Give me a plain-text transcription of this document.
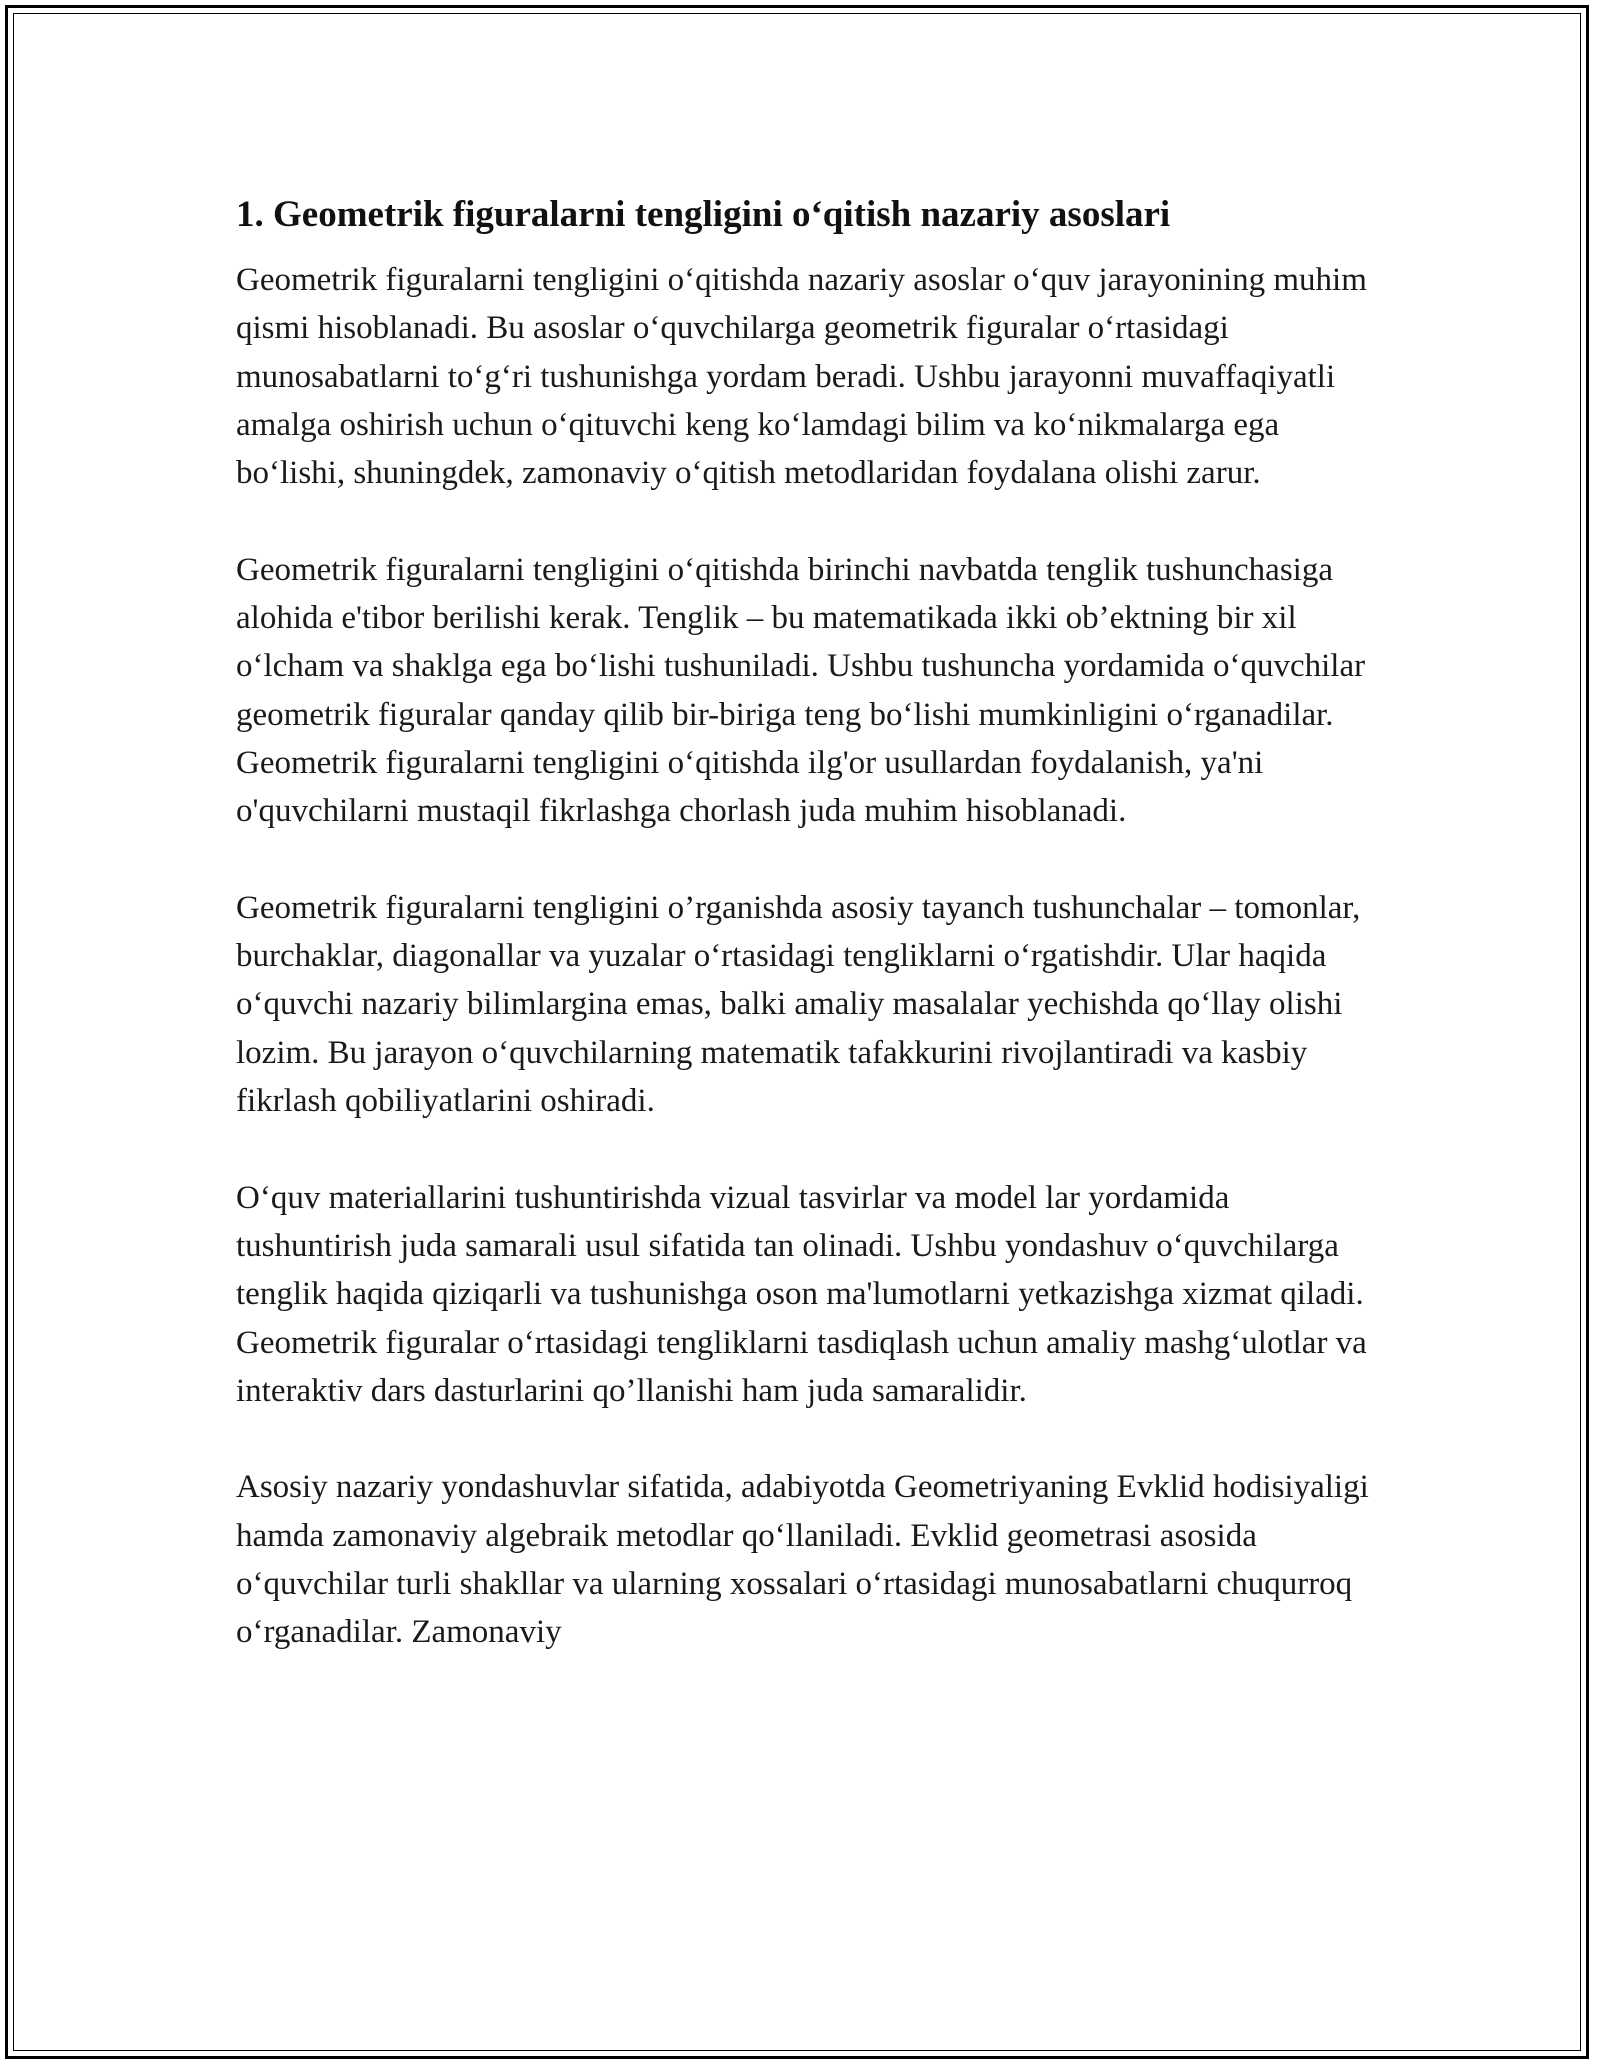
1. Geometrik figuralarni tengligini o‘qitish nazariy asoslari

Geometrik figuralarni tengligini o‘qitishda nazariy asoslar o‘quv jarayonining muhim qismi hisoblanadi. Bu asoslar o‘quvchilarga geometrik figuralar o‘rtasidagi munosabatlarni to‘g‘ri tushunishga yordam beradi. Ushbu jarayonni muvaffaqiyatli amalga oshirish uchun o‘qituvchi keng ko‘lamdagi bilim va ko‘nikmalarga ega bo‘lishi, shuningdek, zamonaviy o‘qitish metodlaridan foydalana olishi zarur.

Geometrik figuralarni tengligini o‘qitishda birinchi navbatda tenglik tushunchasiga alohida e'tibor berilishi kerak. Tenglik – bu matematikada ikki ob’ektning bir xil o‘lcham va shaklga ega bo‘lishi tushuniladi. Ushbu tushuncha yordamida o‘quvchilar geometrik figuralar qanday qilib bir-biriga teng bo‘lishi mumkinligini o‘rganadilar. Geometrik figuralarni tengligini o‘qitishda ilg'or usullardan foydalanish, ya'ni o'quvchilarni mustaqil fikrlashga chorlash juda muhim hisoblanadi.

Geometrik figuralarni tengligini o’rganishda asosiy tayanch tushunchalar – tomonlar, burchaklar, diagonallar va yuzalar o‘rtasidagi tengliklarni o‘rgatishdir. Ular haqida o‘quvchi nazariy bilimlargina emas, balki amaliy masalalar yechishda qo‘llay olishi lozim. Bu jarayon o‘quvchilarning matematik tafakkurini rivojlantiradi va kasbiy fikrlash qobiliyatlarini oshiradi.

O‘quv materiallarini tushuntirishda vizual tasvirlar va model lar yordamida tushuntirish juda samarali usul sifatida tan olinadi. Ushbu yondashuv o‘quvchilarga tenglik haqida qiziqarli va tushunishga oson ma'lumotlarni yetkazishga xizmat qiladi. Geometrik figuralar o‘rtasidagi tengliklarni tasdiqlash uchun amaliy mashg‘ulotlar va interaktiv dars dasturlarini qo’llanishi ham juda samaralidir.

Asosiy nazariy yondashuvlar sifatida, adabiyotda Geometriyaning Evklid hodisiyaligi hamda zamonaviy algebraik metodlar qo‘llaniladi. Evklid geometrasi asosida o‘quvchilar turli shakllar va ularning xossalari o‘rtasidagi munosabatlarni chuqurroq o‘rganadilar. Zamonaviy
